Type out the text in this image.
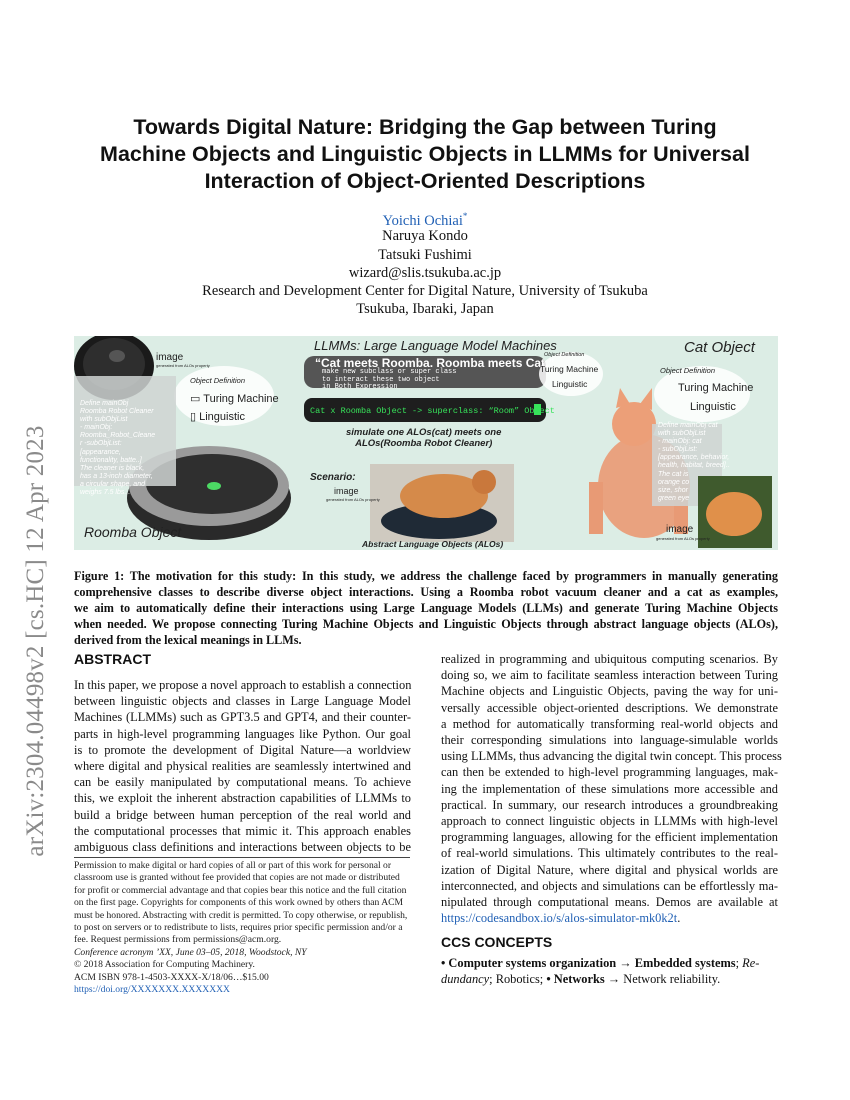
arXiv:2304.04498v2 [cs.HC] 12 Apr 2023
Towards Digital Nature: Bridging the Gap between Turing
Machine Objects and Linguistic Objects in LLMMs for Universal
Interaction of Object-Oriented Descriptions
Yoichi Ochiai*
Naruya Kondo
Tatsuki Fushimi
wizard@slis.tsukuba.ac.jp
Research and Development Center for Digital Nature, University of Tsukuba
Tsukuba, Ibaraki, Japan
LLMMs: Large Language Model Machines
“Cat meets Roomba. Roomba meets Cat.”
make new subclass or super class
to interact these two object
in Both Expression
Cat x Roomba Object -> superclass: “Room” Object
simulate one ALOs(cat) meets one
ALOs(Roomba Robot Cleaner)
Scenario:
image
generated from ALOs property
Abstract Language Objects (ALOs)
image
generated from ALOs property
Object Definition
▭ Turing Machine
▯ Linguistic
Define mainObj
Roomba Robot Cleaner
with subObjList
- mainObj:
Roomba_Robot_Cleane
r -subObjList:
[appearance,
functionality, batte..]
The cleaner is black,
has a 13-inch diameter,
a circular shape, and
weighs 7.5 lbs...
Roomba Object
Object Definition
Turing Machine
Linguistic
Cat Object
Object Definition
Turing Machine
Linguistic
Define mainObj cat
with subObjList
- mainObj: cat
- subObjList:
[appearance, behavior,
health, habitat, breed]..
The cat is
orange co
size, shor
green eye
image
generated from ALOs property
Figure 1: The motivation for this study: In this study, we address the challenge faced by programmers in manually generating
comprehensive classes to describe diverse object interactions. Using a Roomba robot vacuum cleaner and a cat as examples,
we aim to automatically define their interactions using Large Language Models (LLMs) and generate Turing Machine Objects
when needed. We propose connecting Turing Machine Objects and Linguistic Objects through abstract language objects (ALOs),
derived from the lexical meanings in LLMs.
ABSTRACT
In this paper, we propose a novel approach to establish a connection
between linguistic objects and classes in Large Language Model
Machines (LLMMs) such as GPT3.5 and GPT4, and their counter-
parts in high-level programming languages like Python. Our goal
is to promote the development of Digital Nature—a worldview
where digital and physical realities are seamlessly intertwined and
can be easily manipulated by computational means. To achieve
this, we exploit the inherent abstraction capabilities of LLMMs to
build a bridge between human perception of the real world and
the computational processes that mimic it. This approach enables
ambiguous class definitions and interactions between objects to be
realized in programming and ubiquitous computing scenarios. By
doing so, we aim to facilitate seamless interaction between Turing
Machine objects and Linguistic Objects, paving the way for uni-
versally accessible object-oriented descriptions. We demonstrate
a method for automatically transforming real-world objects and
their corresponding simulations into language-simulable worlds
using LLMMs, thus advancing the digital twin concept. This process
can then be extended to high-level programming languages, mak-
ing the implementation of these simulations more accessible and
practical. In summary, our research introduces a groundbreaking
approach to connect linguistic objects in LLMMs with high-level
programming languages, allowing for the efficient implementation
of real-world simulations. This ultimately contributes to the real-
ization of Digital Nature, where digital and physical worlds are
interconnected, and objects and simulations can be effortlessly ma-
nipulated through computational means. Demos are available at
https://codesandbox.io/s/alos-simulator-mk0k2t.
Permission to make digital or hard copies of all or part of this work for personal or
classroom use is granted without fee provided that copies are not made or distributed
for profit or commercial advantage and that copies bear this notice and the full citation
on the first page. Copyrights for components of this work owned by others than ACM
must be honored. Abstracting with credit is permitted. To copy otherwise, or republish,
to post on servers or to redistribute to lists, requires prior specific permission and/or a
fee. Request permissions from permissions@acm.org.
Conference acronym ’XX, June 03–05, 2018, Woodstock, NY
© 2018 Association for Computing Machinery.
ACM ISBN 978-1-4503-XXXX-X/18/06…$15.00
https://doi.org/XXXXXXX.XXXXXXX
CCS CONCEPTS
• Computer systems organization → Embedded systems; Re-
dundancy; Robotics; • Networks → Network reliability.
